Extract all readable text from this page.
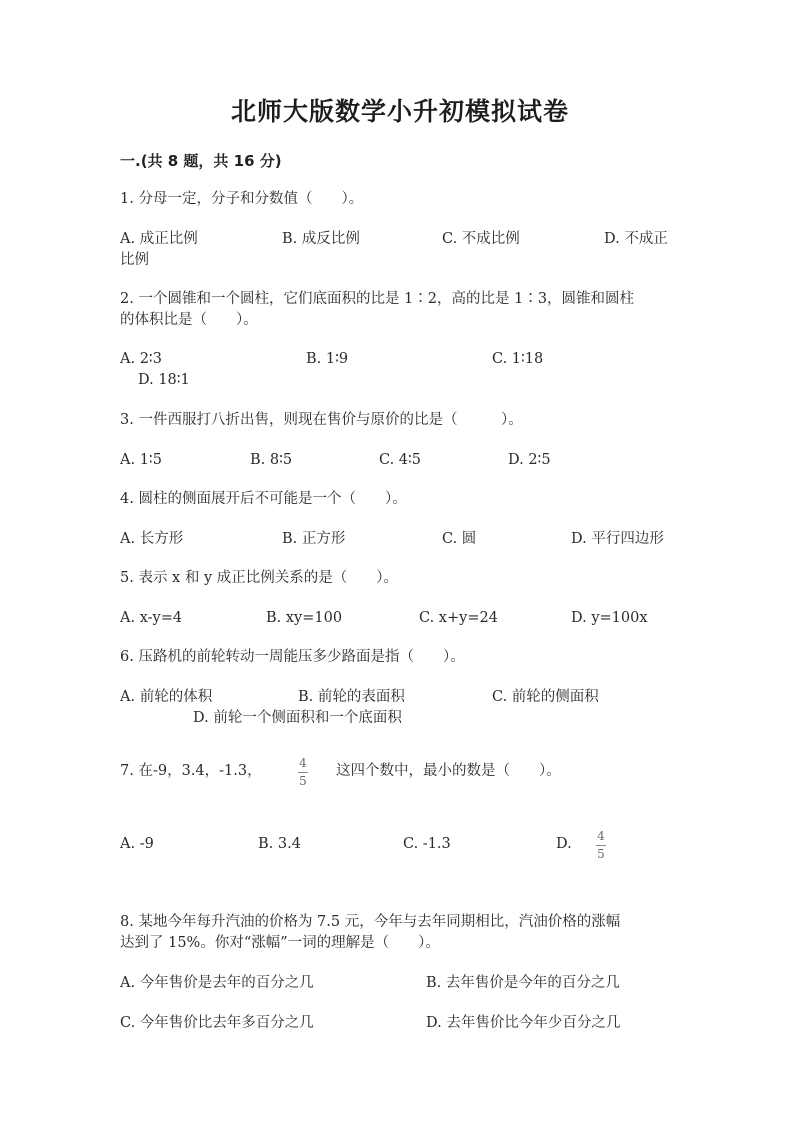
北师大版数学小升初模拟试卷
一.(共 8 题，共 16 分)
1. 分母一定，分子和分数值（　　）。
A. 成正比例	B. 成反比例	C. 不成比例	D. 不成正
比例
2. 一个圆锥和一个圆柱，它们底面积的比是 1∶2，高的比是 1∶3，圆锥和圆柱
的体积比是（　　）。
A. 2∶3	B. 1∶9	C. 1∶18
D. 18∶1
3. 一件西服打八折出售，则现在售价与原价的比是（　　　）。
A. 1∶5	B. 8∶5	C. 4∶5	D. 2∶5
4. 圆柱的侧面展开后不可能是一个（　　）。
A. 长方形	B. 正方形	C. 圆	D. 平行四边形
5. 表示 x 和 y 成正比例关系的是（　　）。
A. x-y=4	B. xy=100	C. x+y=24	D. y=100x
6. 压路机的前轮转动一周能压多少路面是指（　　）。
A. 前轮的体积	B. 前轮的表面积	C. 前轮的侧面积
D. 前轮一个侧面积和一个底面积
7. 在-9，3.4，-1.3，	4
5
这四个数中，最小的数是（　　）。
A. -9	B. 3.4	C. -1.3	D. 4
5
8. 某地今年每升汽油的价格为 7.5 元，今年与去年同期相比，汽油价格的涨幅
达到了 15%。你对“涨幅”一词的理解是（　　）。
A. 今年售价是去年的百分之几	B. 去年售价是今年的百分之几
C. 今年售价比去年多百分之几	D. 去年售价比今年少百分之几
